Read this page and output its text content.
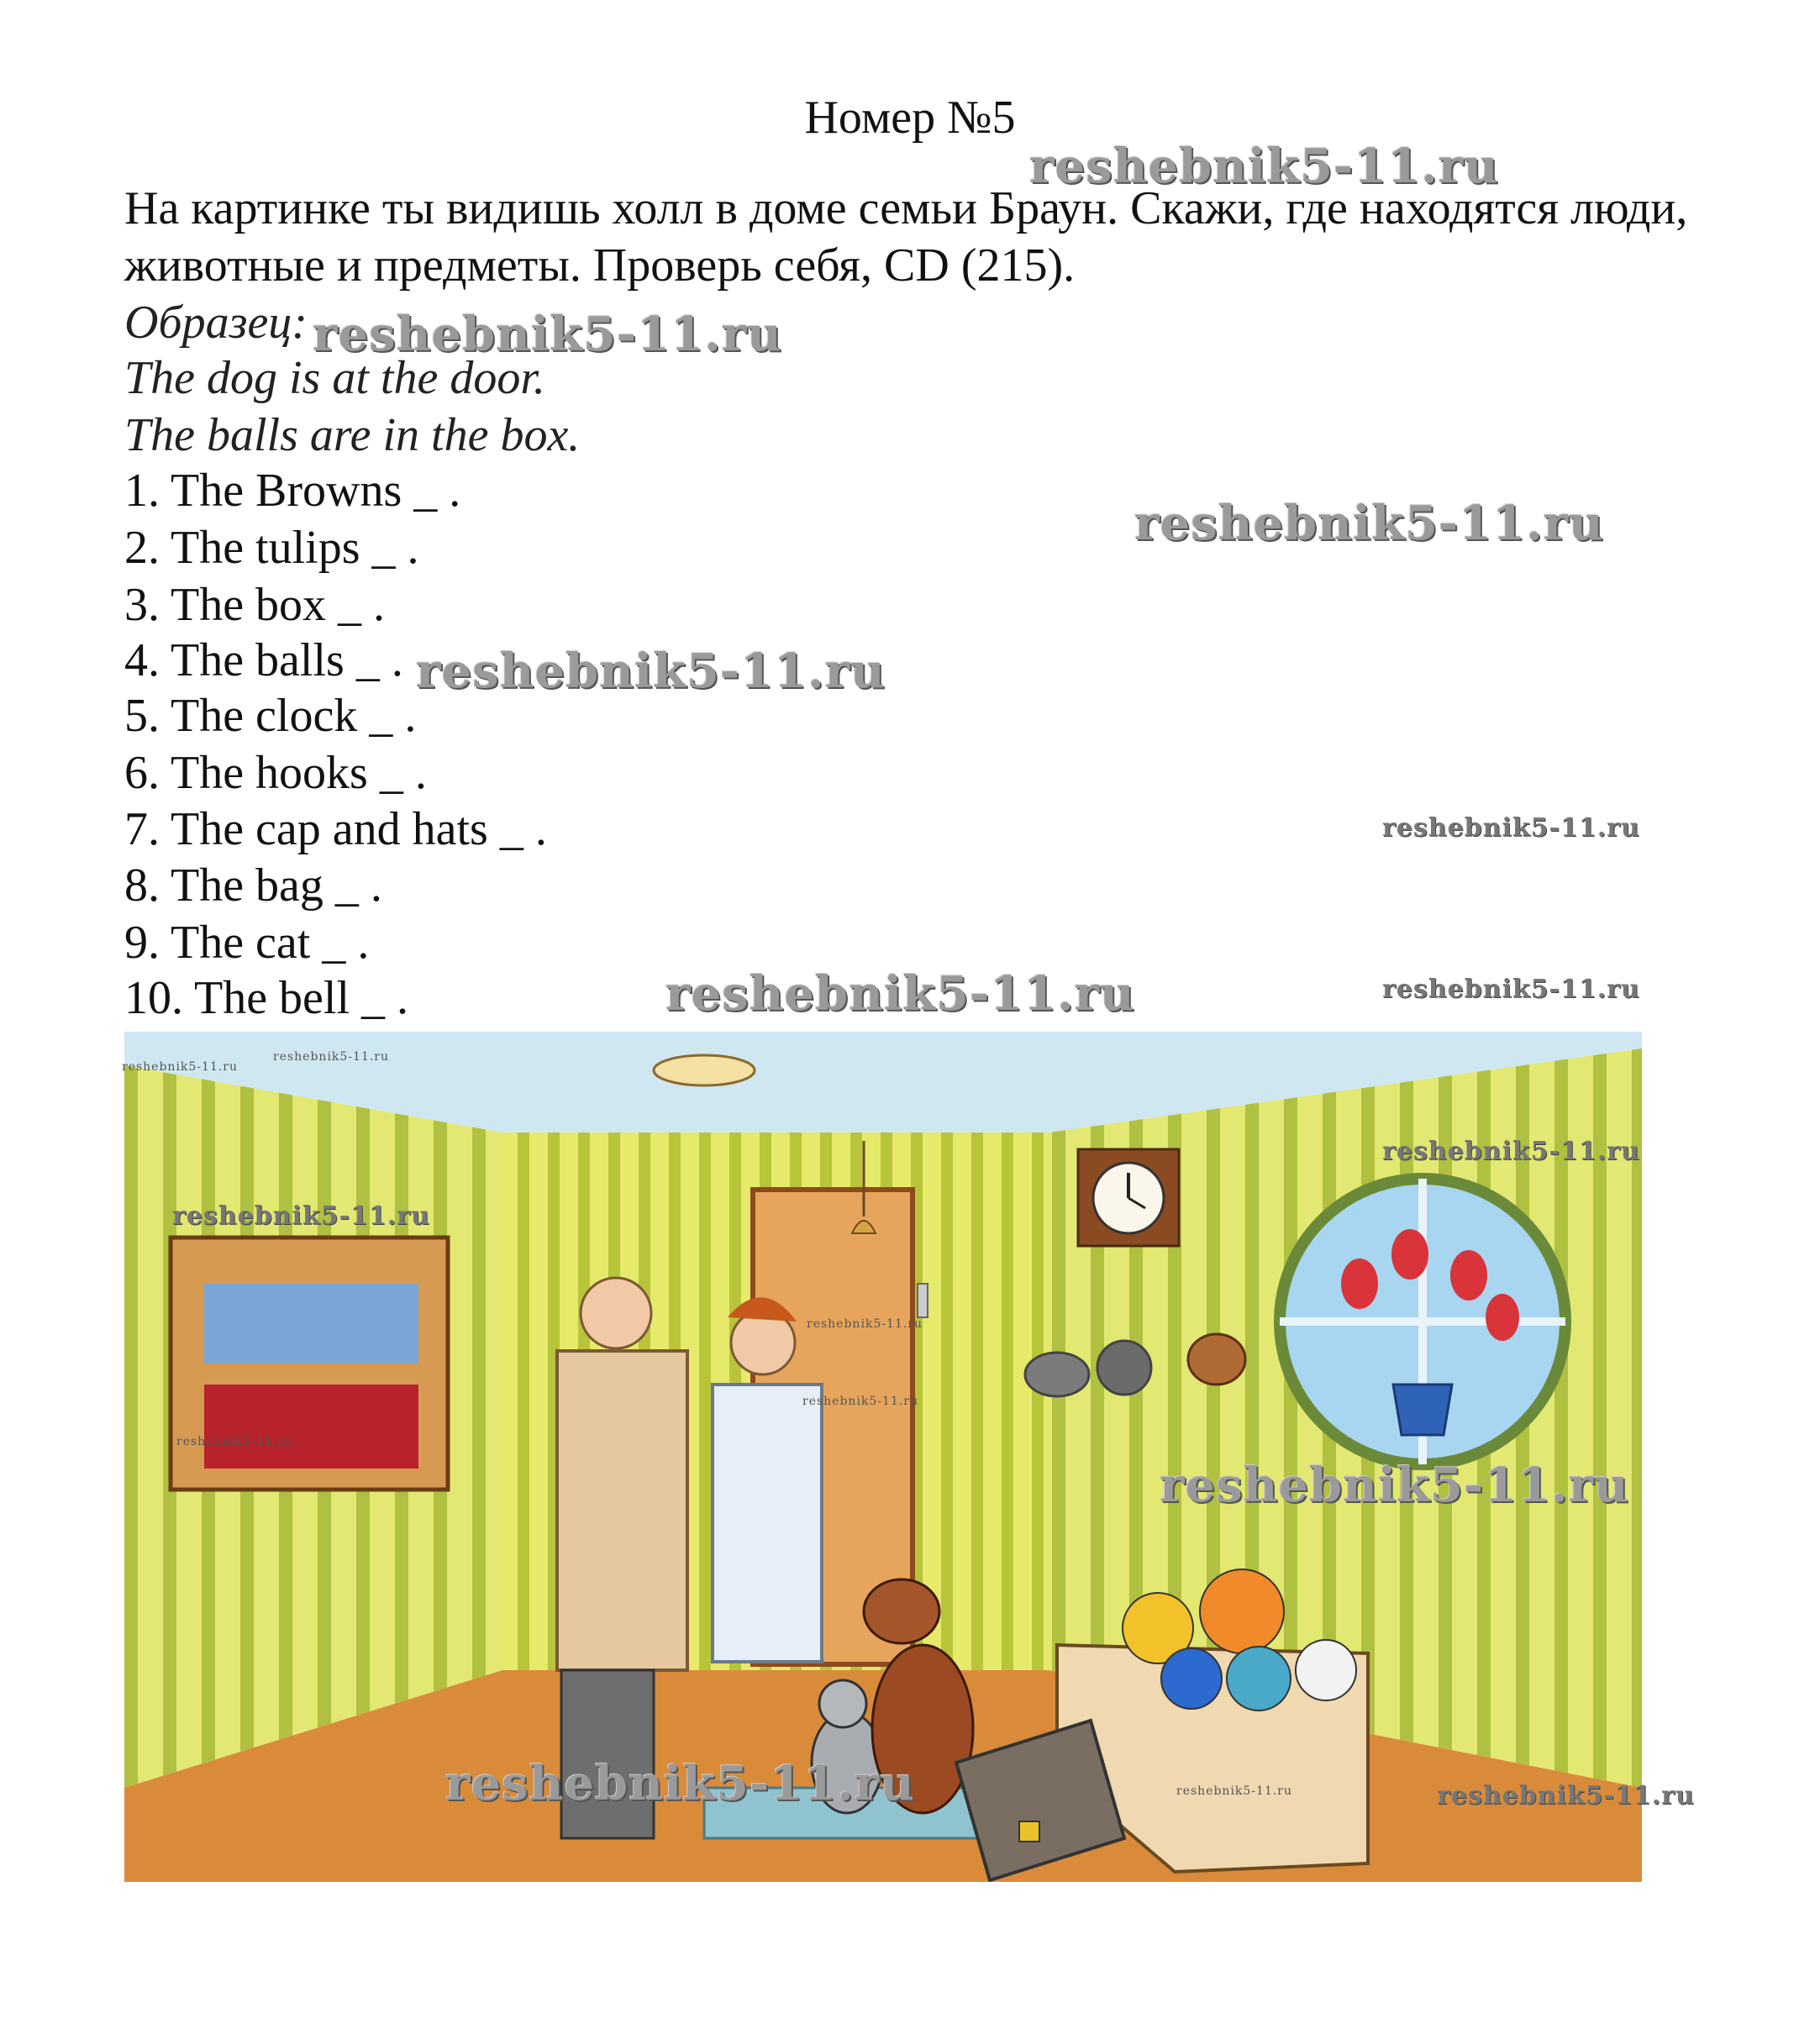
Номер №5
reshebnik5-11.ru
На картинке ты видишь холл в доме семьи Браун. Скажи, где находятся люди, животные и предметы. Проверь себя, CD (215).
Образец: reshebnik5-11.ru
The dog is at the door.
The balls are in the box.
1. The Browns _ .
2. The tulips _ .
3. The box _ .
4. The balls _ .
5. The clock _ .
6. The hooks _ .
7. The cap and hats _ .
8. The bag _ .
9. The cat _ .
10. The bell _ .
reshebnik5-11.ru
reshebnik5-11.ru
reshebnik5-11.ru
reshebnik5-11.ru	reshebnik5-11.ru
reshebnik5-11.ru
reshebnik5-11.ru
reshebnik5-11.ru
reshebnik5-11.ru
reshebnik5-11.ru
reshebnik5-11.ru
reshebnik5-11.ru
reshebnik5-11.ru
reshebnik5-11.ru	reshebnik5-11.ru	reshebnik5-11.ru
